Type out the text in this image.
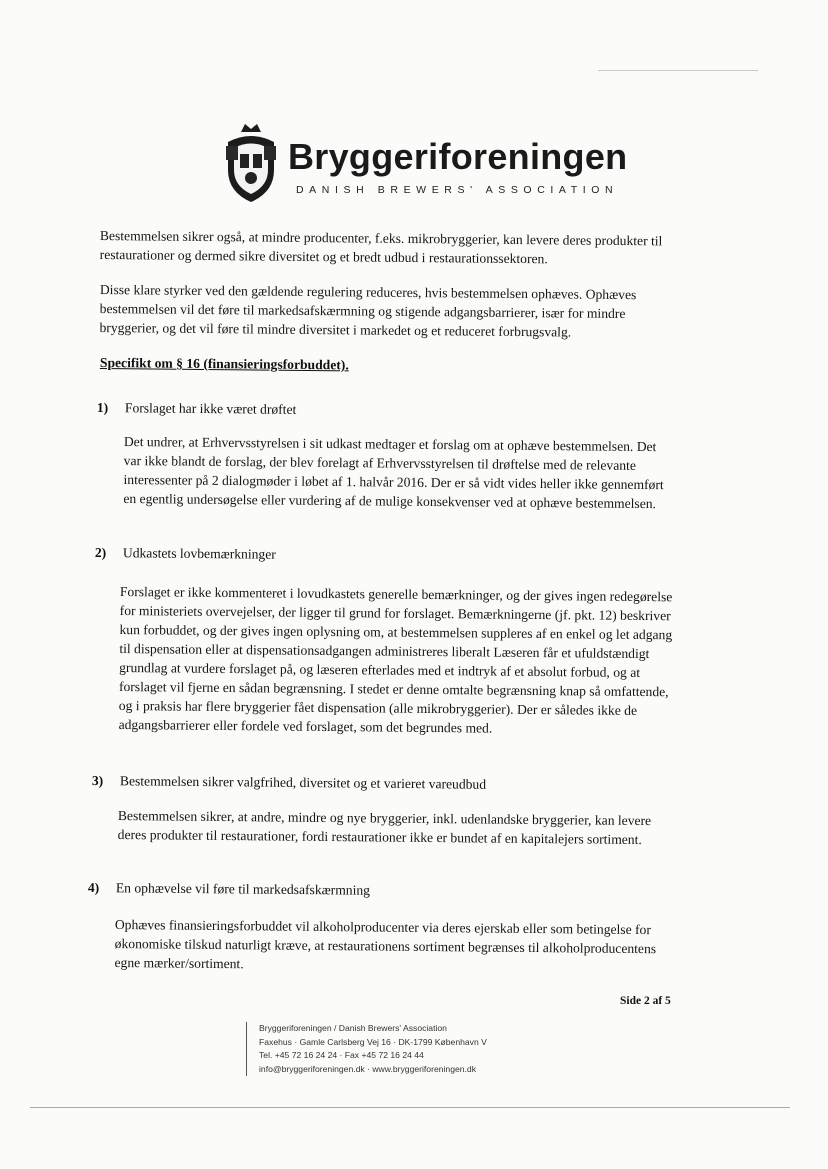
Bryggeriforeningen
DANISH BREWERS' ASSOCIATION

Bestemmelsen sikrer også, at mindre producenter, f.eks. mikrobryggerier, kan levere deres produkter til restaurationer og dermed sikre diversitet og et bredt udbud i restaurationssektoren.

Disse klare styrker ved den gældende regulering reduceres, hvis bestemmelsen ophæves. Ophæves bestemmelsen vil det føre til markedsafskærmning og stigende adgangsbarrierer, især for mindre bryggerier, og det vil føre til mindre diversitet i markedet og et reduceret forbrugsvalg.

Specifikt om § 16 (finansieringsforbuddet).
1) Forslaget har ikke været drøftet

Det undrer, at Erhvervsstyrelsen i sit udkast medtager et forslag om at ophæve bestemmelsen. Det var ikke blandt de forslag, der blev forelagt af Erhvervsstyrelsen til drøftelse med de relevante interessenter på 2 dialogmøder i løbet af 1. halvår 2016. Der er så vidt vides heller ikke gennemført en egentlig undersøgelse eller vurdering af de mulige konsekvenser ved at ophæve bestemmelsen.

2) Udkastets lovbemærkninger

Forslaget er ikke kommenteret i lovudkastets generelle bemærkninger, og der gives ingen redegørelse for ministeriets overvejelser, der ligger til grund for forslaget. Bemærkningerne (jf. pkt. 12) beskriver kun forbuddet, og der gives ingen oplysning om, at bestemmelsen suppleres af en enkel og let adgang til dispensation eller at dispensationsadgangen administreres liberalt Læseren får et ufuldstændigt grundlag at vurdere forslaget på, og læseren efterlades med et indtryk af et absolut forbud, og at forslaget vil fjerne en sådan begrænsning. I stedet er denne omtalte begrænsning knap så omfattende, og i praksis har flere bryggerier fået dispensation (alle mikrobryggerier). Der er således ikke de adgangsbarrierer eller fordele ved forslaget, som det begrundes med.

3) Bestemmelsen sikrer valgfrihed, diversitet og et varieret vareudbud

Bestemmelsen sikrer, at andre, mindre og nye bryggerier, inkl. udenlandske bryggerier, kan levere deres produkter til restaurationer, fordi restaurationer ikke er bundet af en kapitalejers sortiment.

4) En ophævelse vil føre til markedsafskærmning

Ophæves finansieringsforbuddet vil alkoholproducenter via deres ejerskab eller som betingelse for økonomiske tilskud naturligt kræve, at restaurationens sortiment begrænses til alkoholproducentens egne mærker/sortiment.

Side 2 af 5
Bryggeriforeningen / Danish Brewers' Association
Faxehus · Gamle Carlsberg Vej 16 · DK-1799 København V
Tel. +45 72 16 24 24 · Fax +45 72 16 24 44
info@bryggeriforeningen.dk · www.bryggeriforeningen.dk
